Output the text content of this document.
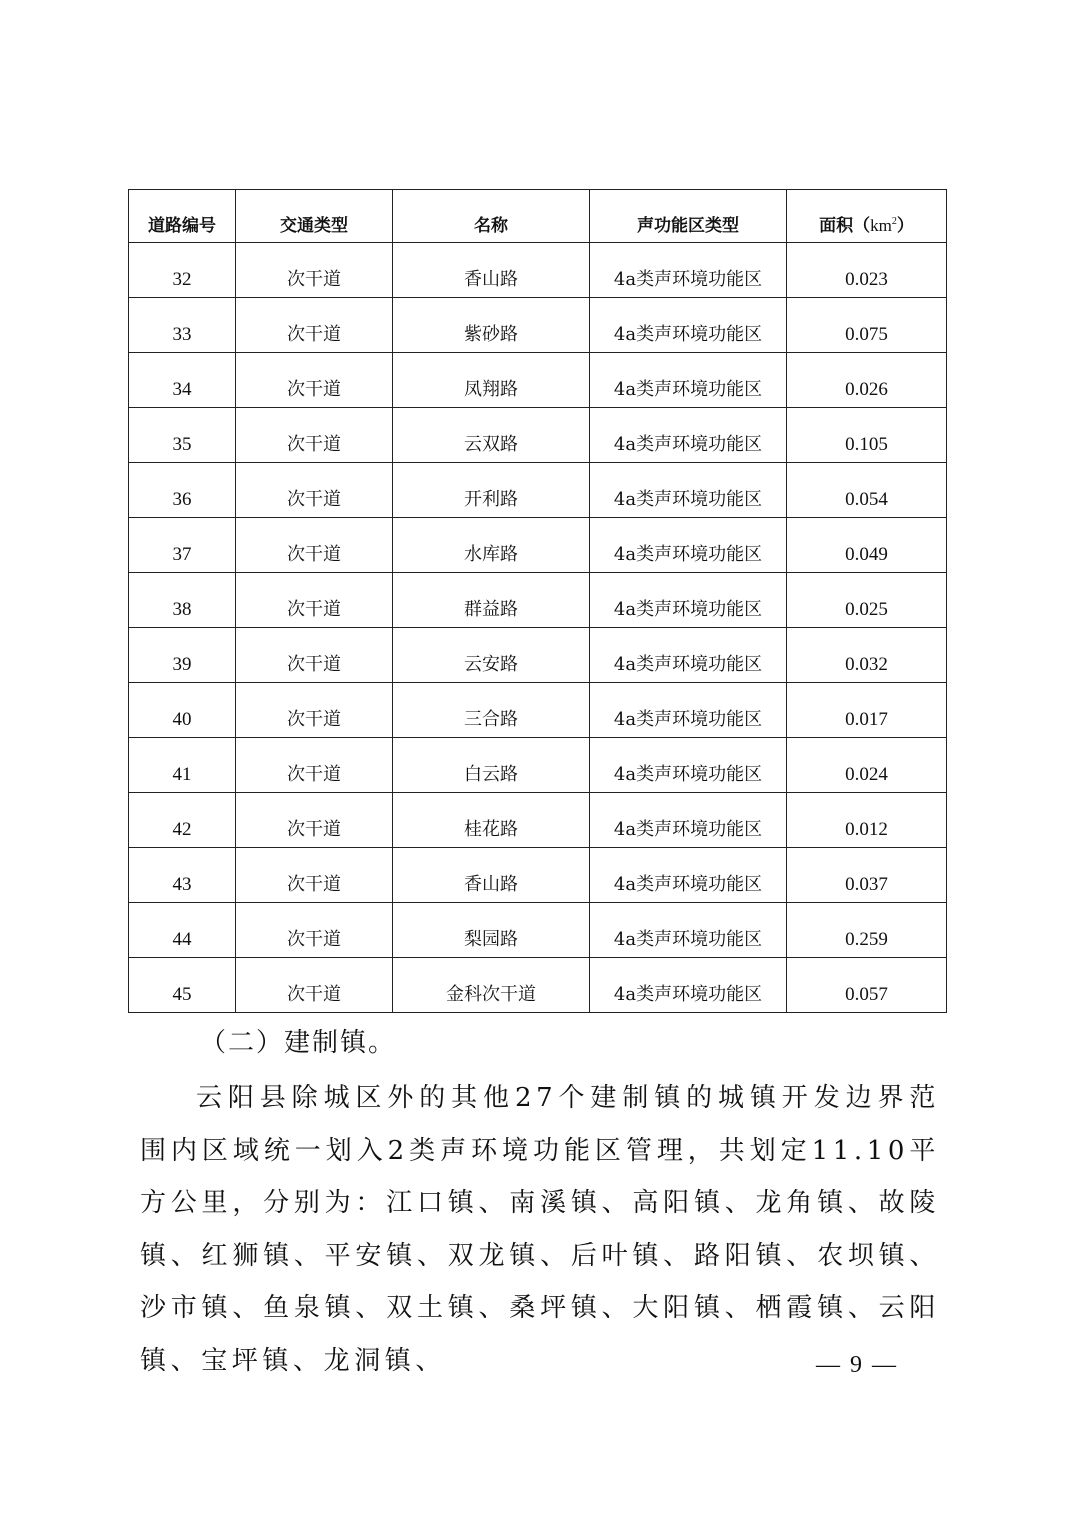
道路编号	交通类型	名称	声功能区类型	面积$(km^2)$
32	次干道	香山路	4a类声环境功能区	0.023
33	次干道	紫砂路	4a类声环境功能区	0.075
34	次干道	凤翔路	4a类声环境功能区	0.026
35	次干道	云双路	4a类声环境功能区	0.105
36	次干道	开利路	4a类声环境功能区	0.054
37	次干道	水库路	4a类声环境功能区	0.049
38	次干道	群益路	4a类声环境功能区	0.025
39	次干道	云安路	4a类声环境功能区	0.032
40	次干道	三合路	4a类声环境功能区	0.017
41	次干道	白云路	4a类声环境功能区	0.024
42	次干道	桂花路	4a类声环境功能区	0.012
43	次干道	香山路	4a类声环境功能区	0.037
44	次干道	梨园路	4a类声环境功能区	0.259
45	次干道	金科次干道	4a类声环境功能区	0.057

（二）建制镇。

云阳县除城区外的其他27个建制镇的城镇开发边界范围内区域统一划入2类声环境功能区管理，共划定11.10平方公里，分别为：江口镇、南溪镇、高阳镇、龙角镇、故陵镇、红狮镇、平安镇、双龙镇、后叶镇、路阳镇、农坝镇、沙市镇、鱼泉镇、双土镇、桑坪镇、大阳镇、栖霞镇、云阳镇、宝坪镇、龙洞镇、	— 9 —
